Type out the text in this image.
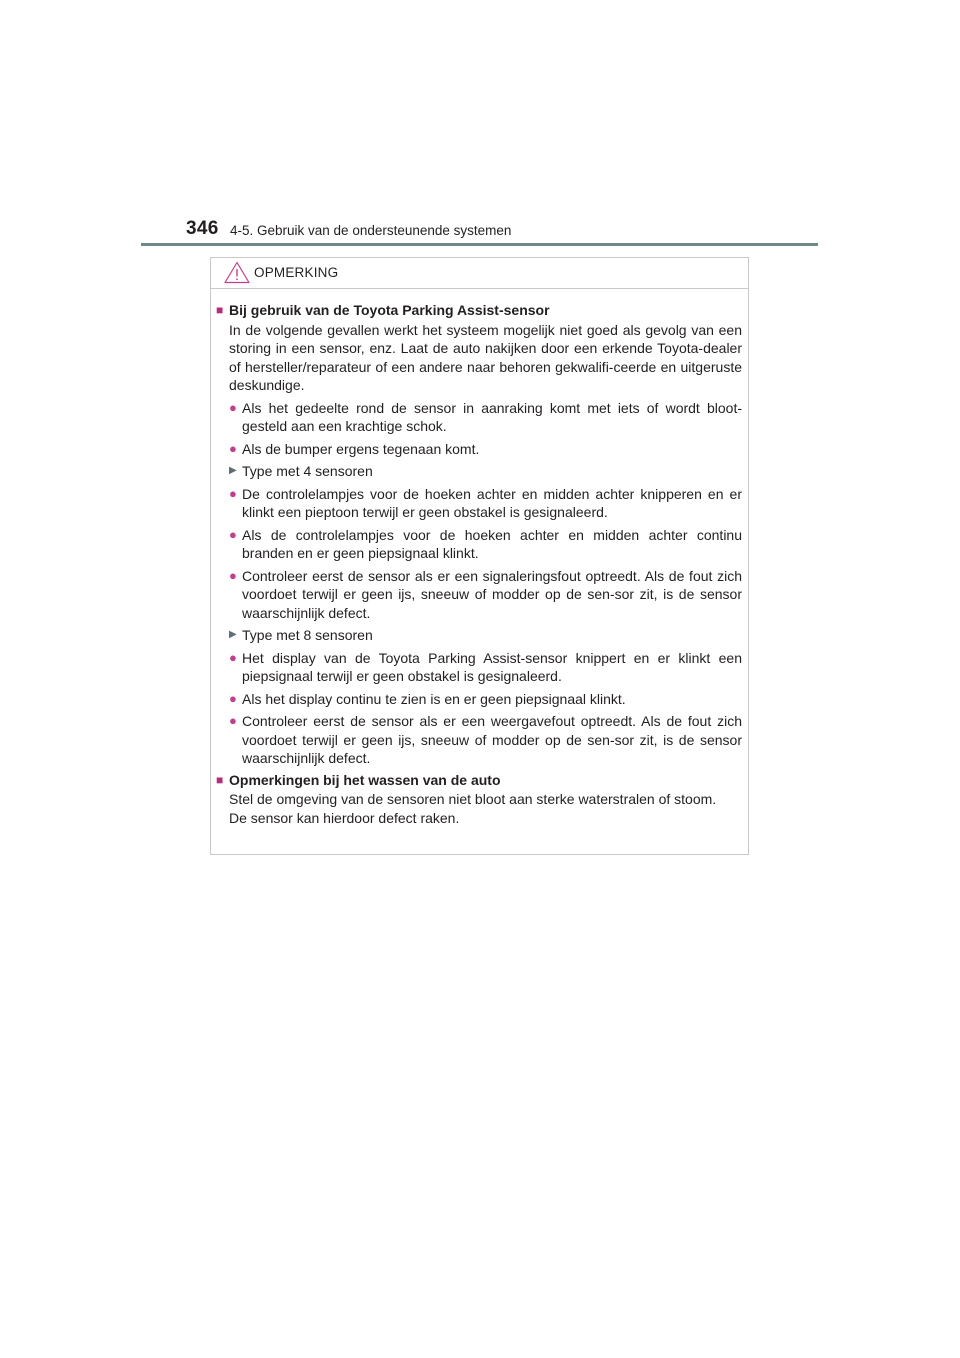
346 4-5. Gebruik van de ondersteunende systemen
OPMERKING
■ Bij gebruik van de Toyota Parking Assist-sensor
In de volgende gevallen werkt het systeem mogelijk niet goed als gevolg van een storing in een sensor, enz. Laat de auto nakijken door een erkende Toyota-dealer of hersteller/reparateur of een andere naar behoren gekwalifi-ceerde en uitgeruste deskundige.
● Als het gedeelte rond de sensor in aanraking komt met iets of wordt bloot-gesteld aan een krachtige schok.
● Als de bumper ergens tegenaan komt.
▶ Type met 4 sensoren
● De controlelampjes voor de hoeken achter en midden achter knipperen en er klinkt een pieptoon terwijl er geen obstakel is gesignaleerd.
● Als de controlelampjes voor de hoeken achter en midden achter continu branden en er geen piepsignaal klinkt.
● Controleer eerst de sensor als er een signaleringsfout optreedt. Als de fout zich voordoet terwijl er geen ijs, sneeuw of modder op de sen-sor zit, is de sensor waarschijnlijk defect.
▶ Type met 8 sensoren
● Het display van de Toyota Parking Assist-sensor knippert en er klinkt een piepsignaal terwijl er geen obstakel is gesignaleerd.
● Als het display continu te zien is en er geen piepsignaal klinkt.
● Controleer eerst de sensor als er een weergavefout optreedt. Als de fout zich voordoet terwijl er geen ijs, sneeuw of modder op de sen-sor zit, is de sensor waarschijnlijk defect.
■ Opmerkingen bij het wassen van de auto
Stel de omgeving van de sensoren niet bloot aan sterke waterstralen of stoom.
De sensor kan hierdoor defect raken.
